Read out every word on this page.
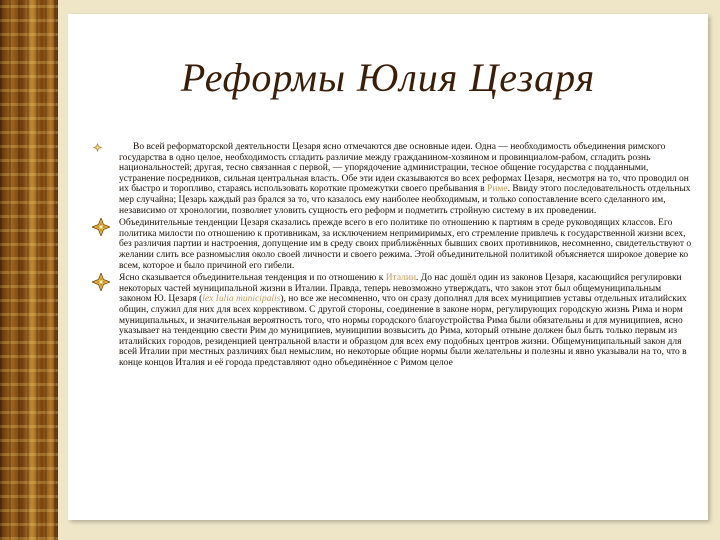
Реформы Юлия Цезаря

Во всей реформаторской деятельности Цезаря ясно отмечаются две основные идеи. Одна — необходимость объединения римского государства в одно целое, необходимость сгладить различие между гражданином-хозяином и провинциалом-рабом, сгладить рознь национальностей; другая, тесно связанная с первой, — упорядочение администрации, тесное общение государства с подданными, устранение посредников, сильная центральная власть. Обе эти идеи сказываются во всех реформах Цезаря, несмотря на то, что проводил он их быстро и торопливо, стараясь использовать короткие промежутки своего пребывания в Риме. Ввиду этого последовательность отдельных мер случайна; Цезарь каждый раз брался за то, что казалось ему наиболее необходимым, и только сопоставление всего сделанного им, независимо от хронологии, позволяет уловить сущность его реформ и подметить стройную систему в их проведении.

Объединительные тенденции Цезаря сказались прежде всего в его политике по отношению к партиям в среде руководящих классов. Его политика милости по отношению к противникам, за исключением непримиримых, его стремление привлечь к государственной жизни всех, без различия партии и настроения, допущение им в среду своих приближённых бывших своих противников, несомненно, свидетельствуют о желании слить все разномыслия около своей личности и своего режима. Этой объединительной политикой объясняется широкое доверие ко всем, которое и было причиной его гибели.

Ясно сказывается объединительная тенденция и по отношению к Италии. До нас дошёл один из законов Цезаря, касающийся регулировки некоторых частей муниципальной жизни в Италии. Правда, теперь невозможно утверждать, что закон этот был общемуниципальным законом Ю. Цезаря (lex Iulia municipalis), но все же несомненно, что он сразу дополнял для всех муниципиев уставы отдельных италийских общин, служил для них для всех коррективом. С другой стороны, соединение в законе норм, регулирующих городскую жизнь Рима и норм муниципальных, и значительная вероятность того, что нормы городского благоустройства Рима были обязательны и для муниципиев, ясно указывает на тенденцию свести Рим до муниципиев, муниципии возвысить до Рима, который отныне должен был быть только первым из италийских городов, резиденцией центральной власти и образцом для всех ему подобных центров жизни. Общемуниципальный закон для всей Италии при местных различиях был немыслим, но некоторые общие нормы были желательны и полезны и явно указывали на то, что в конце концов Италия и её города представляют одно объединённое с Римом целое
